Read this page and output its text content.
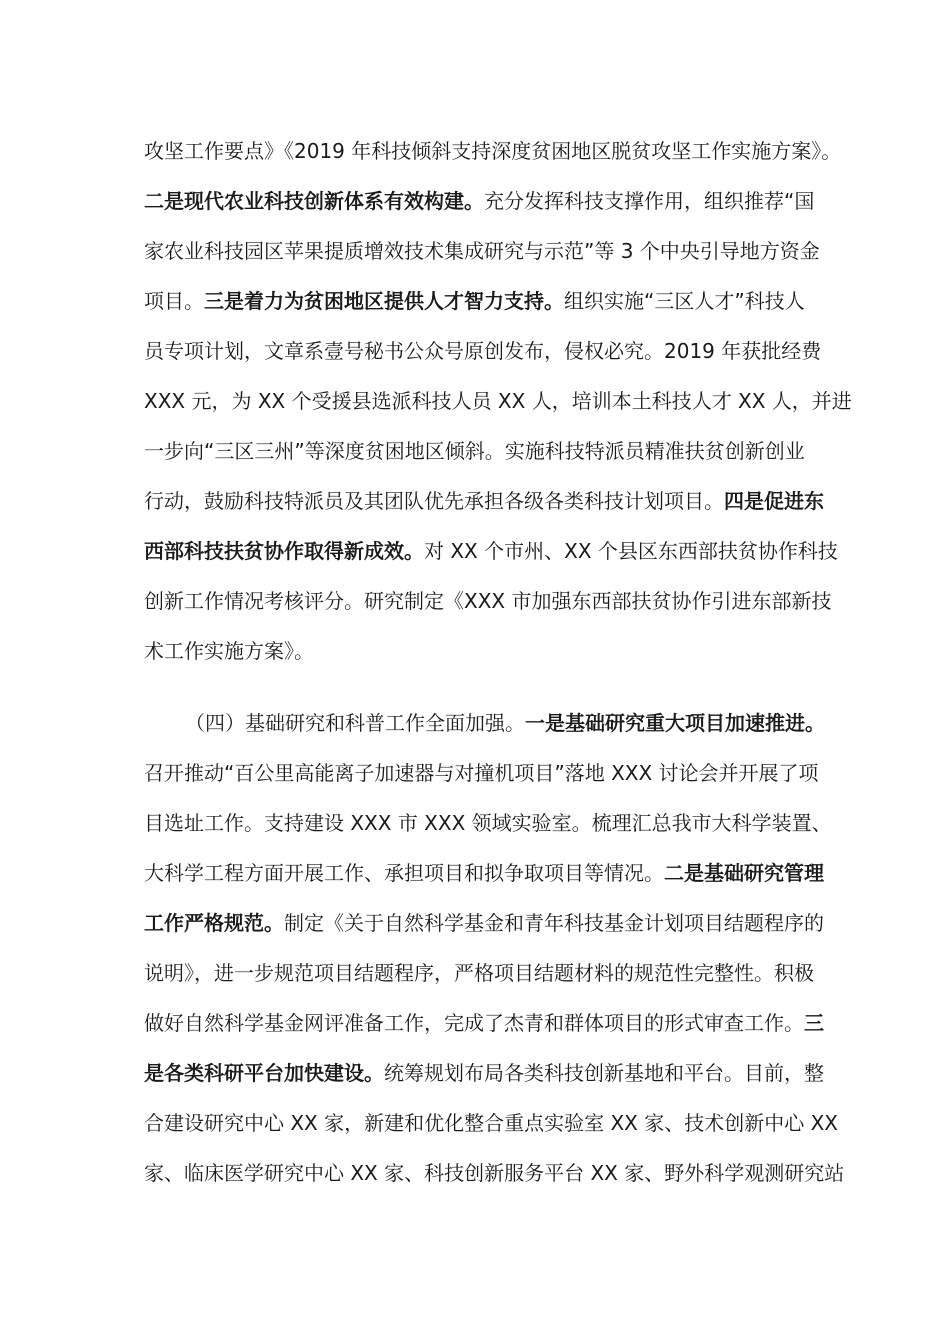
攻坚工作要点》《2019 年科技倾斜支持深度贫困地区脱贫攻坚工作实施方案》。
二是现代农业科技创新体系有效构建。充分发挥科技支撑作用，组织推荐“国
家农业科技园区苹果提质增效技术集成研究与示范”等 3 个中央引导地方资金
项目。三是着力为贫困地区提供人才智力支持。组织实施“三区人才”科技人
员专项计划，文章系壹号秘书公众号原创发布，侵权必究。2019 年获批经费
XXX 元，为 XX 个受援县选派科技人员 XX 人，培训本土科技人才 XX 人，并进
一步向“三区三州”等深度贫困地区倾斜。实施科技特派员精准扶贫创新创业
行动，鼓励科技特派员及其团队优先承担各级各类科技计划项目。四是促进东
西部科技扶贫协作取得新成效。对 XX 个市州、XX 个县区东西部扶贫协作科技
创新工作情况考核评分。研究制定《XXX 市加强东西部扶贫协作引进东部新技
术工作实施方案》。
（四）基础研究和科普工作全面加强。一是基础研究重大项目加速推进。
召开推动“百公里高能离子加速器与对撞机项目”落地 XXX 讨论会并开展了项
目选址工作。支持建设 XXX 市 XXX 领域实验室。梳理汇总我市大科学装置、
大科学工程方面开展工作、承担项目和拟争取项目等情况。二是基础研究管理
工作严格规范。制定《关于自然科学基金和青年科技基金计划项目结题程序的
说明》，进一步规范项目结题程序，严格项目结题材料的规范性完整性。积极
做好自然科学基金网评准备工作，完成了杰青和群体项目的形式审查工作。三
是各类科研平台加快建设。统筹规划布局各类科技创新基地和平台。目前，整
合建设研究中心 XX 家，新建和优化整合重点实验室 XX 家、技术创新中心 XX
家、临床医学研究中心 XX 家、科技创新服务平台 XX 家、野外科学观测研究站
